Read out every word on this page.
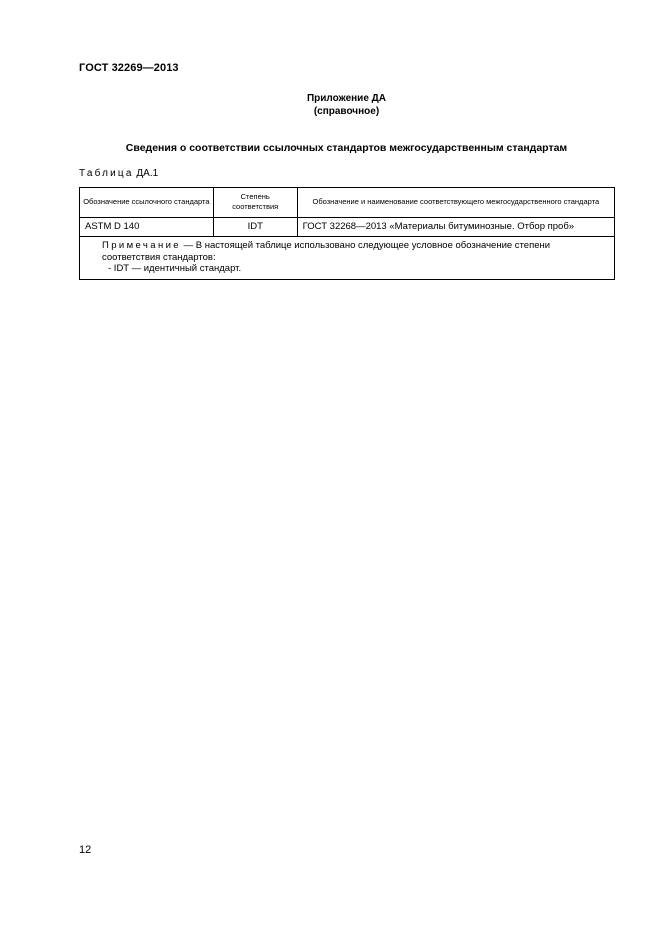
ГОСТ 32269—2013
Приложение ДА
(справочное)
Сведения о соответствии ссылочных стандартов межгосударственным стандартам
Таблица ДА.1
Обозначение ссылочного стандарта	Степень соответствия	Обозначение и наименование соответствующего межгосударственного стандарта
ASTM D 140	IDT	ГОСТ 32268—2013 «Материалы битуминозные. Отбор проб»

Примечание — В настоящей таблице использовано следующее условное обозначение степени соответствия стандартов:
- IDT — идентичный стандарт.		
12
